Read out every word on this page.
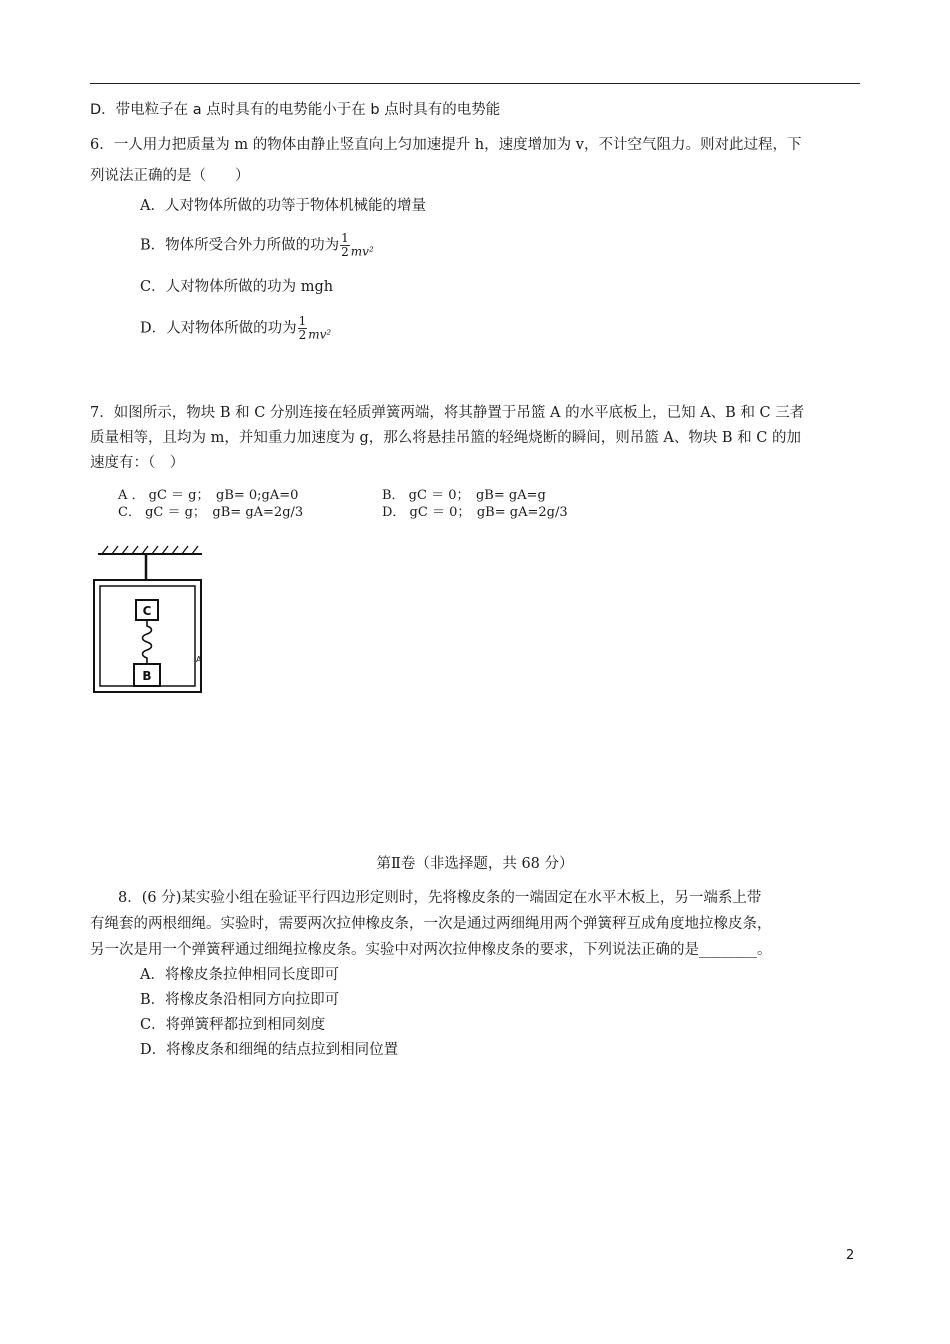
D．带电粒子在 a 点时具有的电势能小于在 b 点时具有的电势能
6．一人用力把质量为 m 的物体由静止竖直向上匀加速提升 h，速度增加为 v，不计空气阻力。则对此过程，下
列说法正确的是（　　）
A．人对物体所做的功等于物体机械能的增量
B．物体所受合外力所做的功为 $\frac{1}{2} _{mv^2}$
C．人对物体所做的功为 mgh
D．人对物体所做的功为 $\frac{1}{2} _{mv^2}$
7．如图所示，物块 B 和 C 分别连接在轻质弹簧两端，将其静置于吊篮 A 的水平底板上，已知 A、B 和 C 三者
质量相等，且均为 m，并知重力加速度为 g，那么将悬挂吊篮的轻绳烧断的瞬间，则吊篮 A、物块 B 和 C 的加
速度有：（　）
A ． gC ＝ g；　gB= 0;gA=0	B． gC ＝ 0；　gB= gA=g
C． gC ＝ g；　gB= gA=2g/3	D． gC ＝ 0；　gB= gA=2g/3
C
B
A
第Ⅱ卷（非选择题，共 68 分）
8．(6 分)某实验小组在验证平行四边形定则时，先将橡皮条的一端固定在水平木板上，另一端系上带
有绳套的两根细绳。实验时，需要两次拉伸橡皮条，一次是通过两细绳用两个弹簧秤互成角度地拉橡皮条，
另一次是用一个弹簧秤通过细绳拉橡皮条。实验中对两次拉伸橡皮条的要求，下列说法正确的是________。
A．将橡皮条拉伸相同长度即可
B．将橡皮条沿相同方向拉即可
C．将弹簧秤都拉到相同刻度
D．将橡皮条和细绳的结点拉到相同位置
2
